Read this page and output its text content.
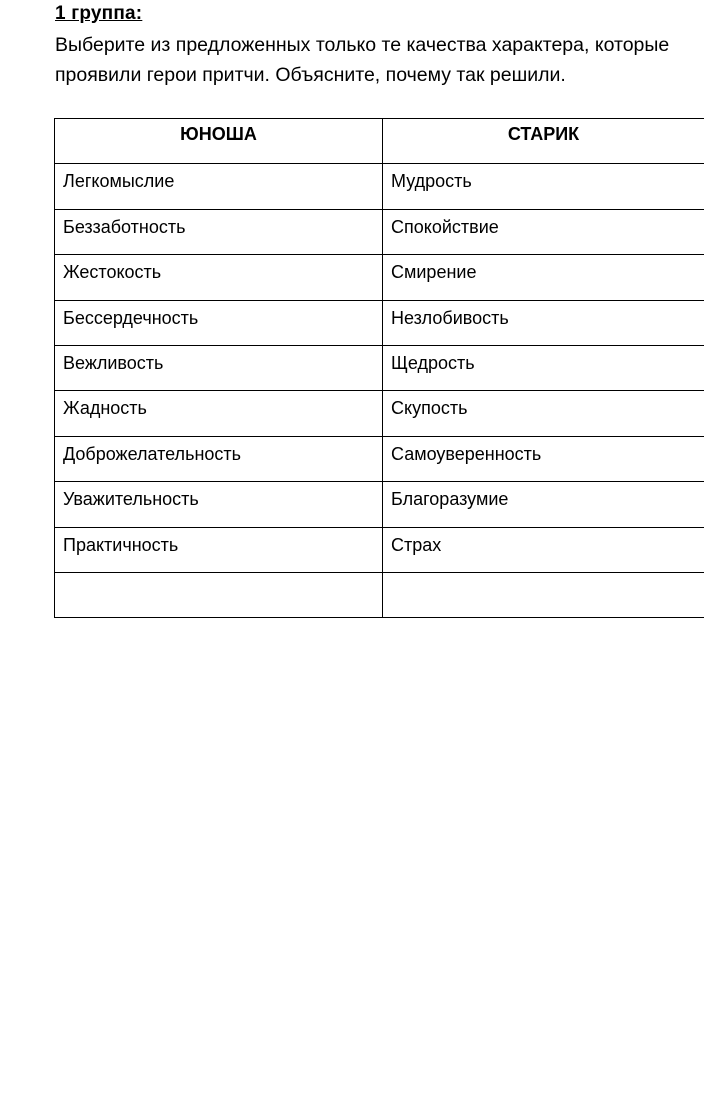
1 группа:

Выберите из предложенных только те качества характера, которые проявили герои притчи. Объясните, почему так решили.

ЮНОША	СТАРИК
Легкомыслие	Мудрость
Беззаботность	Спокойствие
Жестокость	Смирение
Бессердечность	Незлобивость
Вежливость	Щедрость
Жадность	Скупость
Доброжелательность	Самоуверенность
Уважительность	Благоразумие
Практичность	Страх
